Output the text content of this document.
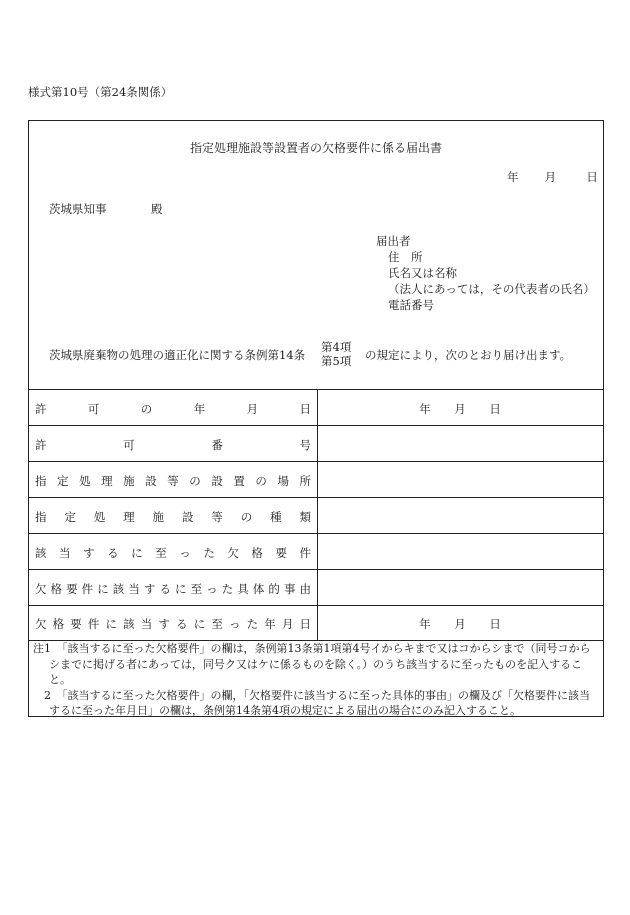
様式第10号（第24条関係）
指定処理施設等設置者の欠格要件に係る届出書
年 月	日
茨城県知事	殿
届出者
住　所
氏名又は名称
（法人にあっては，その代表者の氏名）
電話番号
茨城県廃棄物の処理の適正化に関する条例第14条
第4項
第5項 の規定により，次のとおり届け出ます。
許可の年月日	年 月 日
許可番号
指定処理施設等の設置の場所
指定処理施設等の種類
該当するに至った欠格要件
欠格要件に該当するに至った具体的事由
欠格要件に該当するに至った年月日	年 月 日
注1　「該当するに至った欠格要件」の欄は，条例第13条第1項第4号イからキまで又はコからシまで（同号コからシまでに掲げる者にあっては，同号ク又はケに係るものを除く。）のうち該当するに至ったものを記入すること。
　2　「該当するに至った欠格要件」の欄，「欠格要件に該当するに至った具体的事由」の欄及び「欠格要件に該当するに至った年月日」の欄は，条例第14条第4項の規定による届出の場合にのみ記入すること。
